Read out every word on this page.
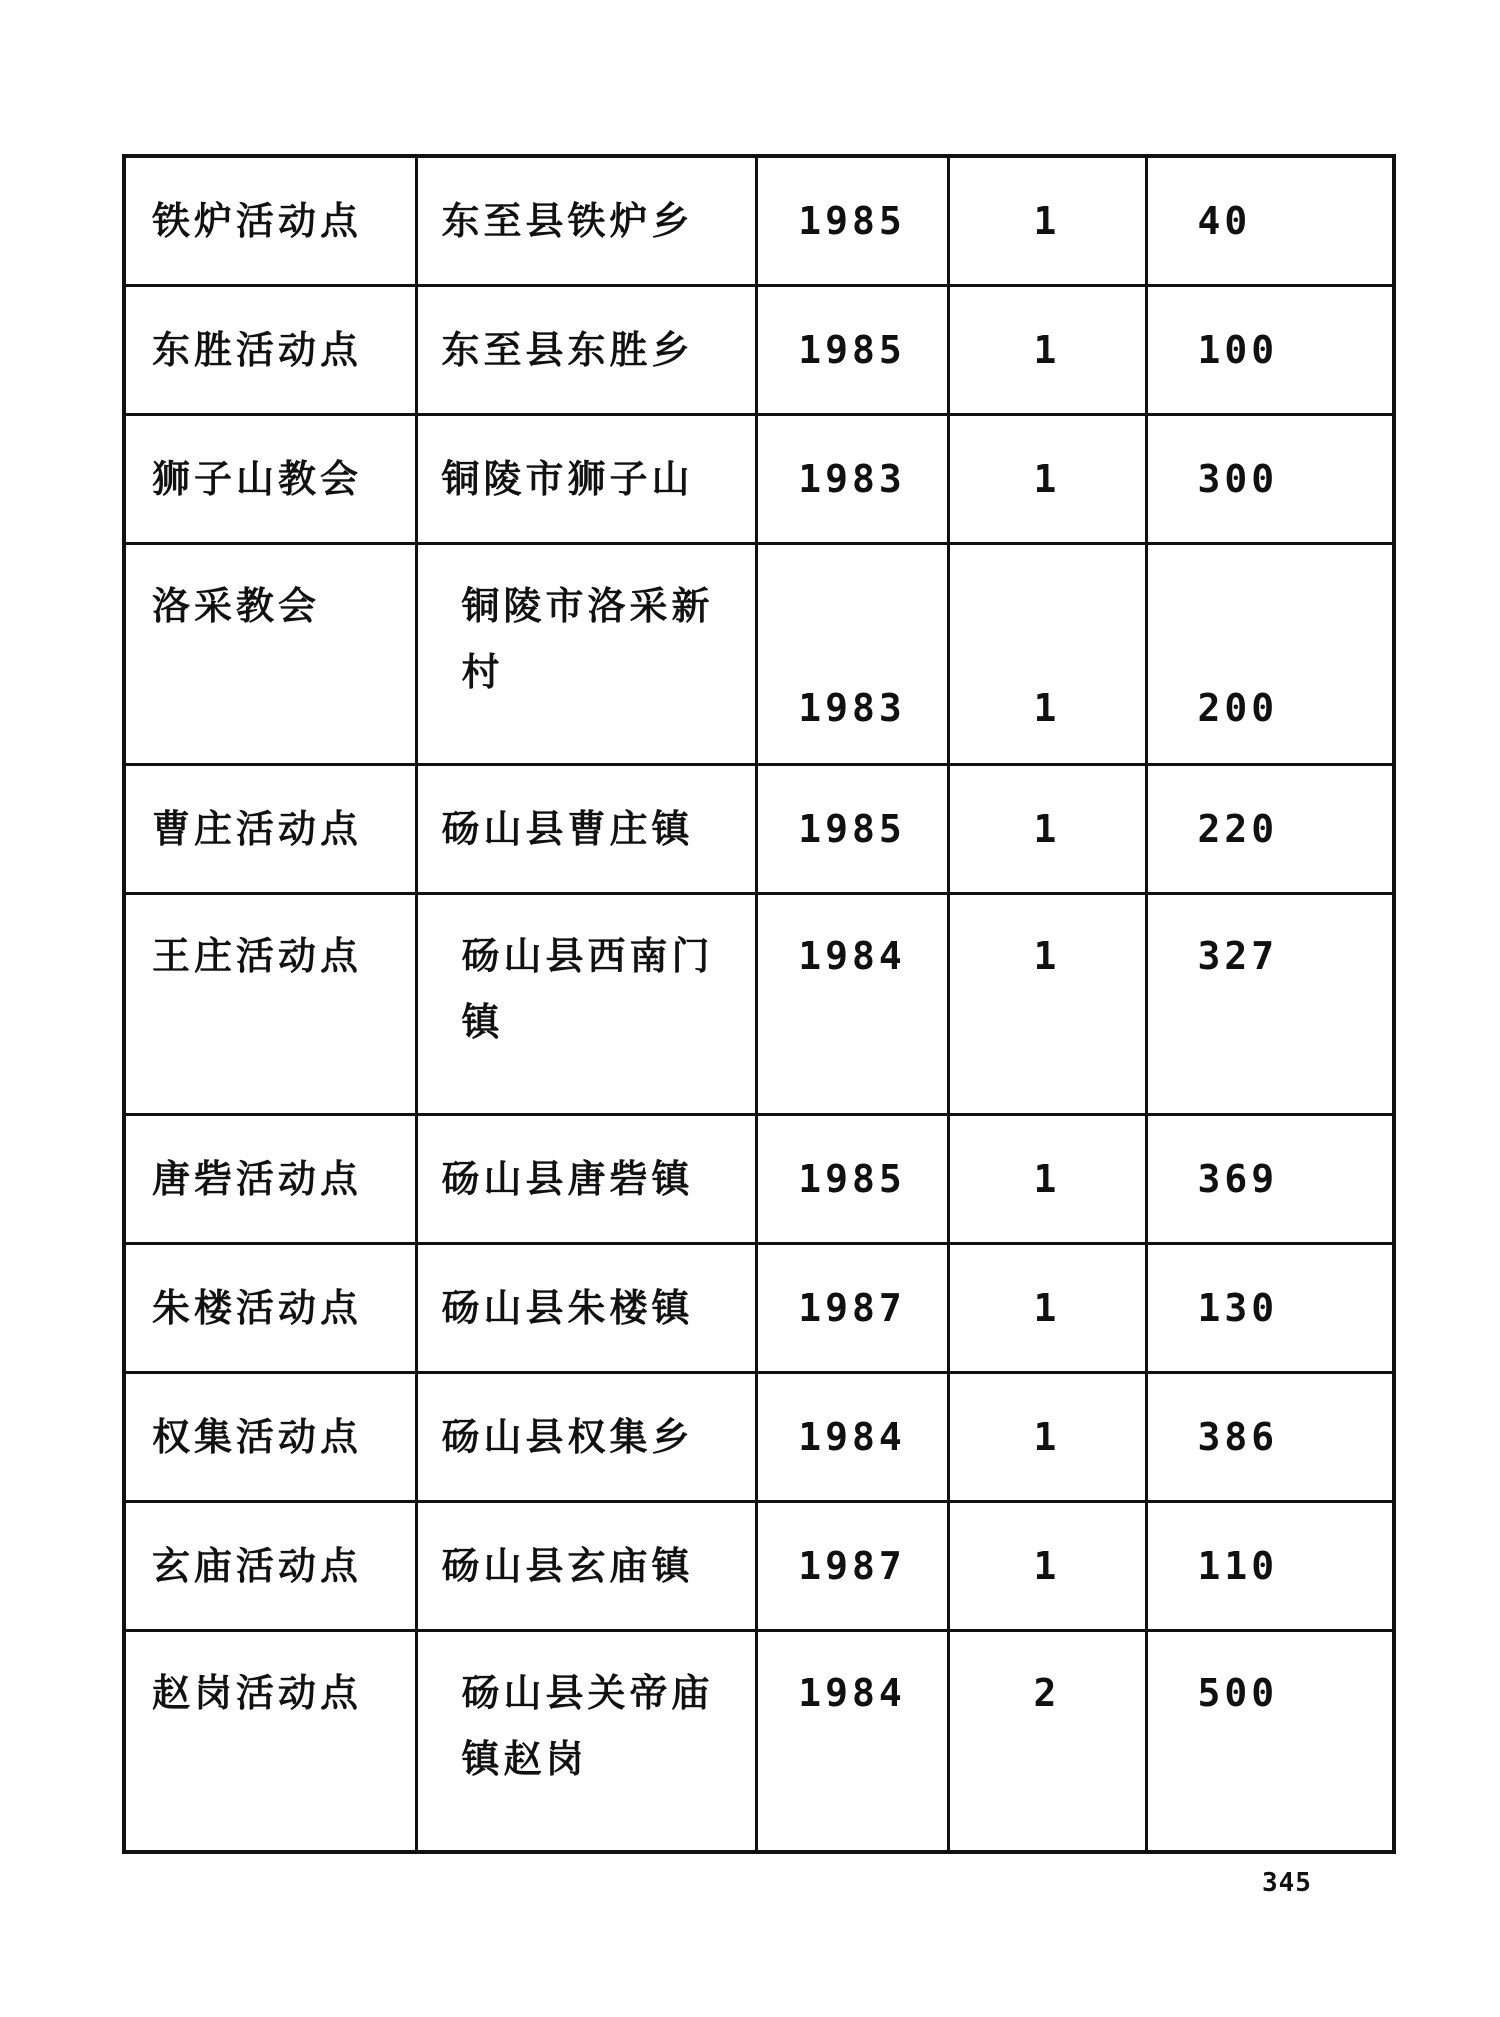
铁炉活动点	东至县铁炉乡	1985	1	40
东胜活动点	东至县东胜乡	1985	1	100
狮子山教会	铜陵市狮子山	1983	1	300
洛采教会	铜陵市洛采新村	1983	1	200
曹庄活动点	砀山县曹庄镇	1985	1	220
王庄活动点	砀山县西南门镇	1984	1	327
唐砦活动点	砀山县唐砦镇	1985	1	369
朱楼活动点	砀山县朱楼镇	1987	1	130
权集活动点	砀山县权集乡	1984	1	386
玄庙活动点	砀山县玄庙镇	1987	1	110
赵岗活动点	砀山县关帝庙镇赵岗	1984	2	500
345
